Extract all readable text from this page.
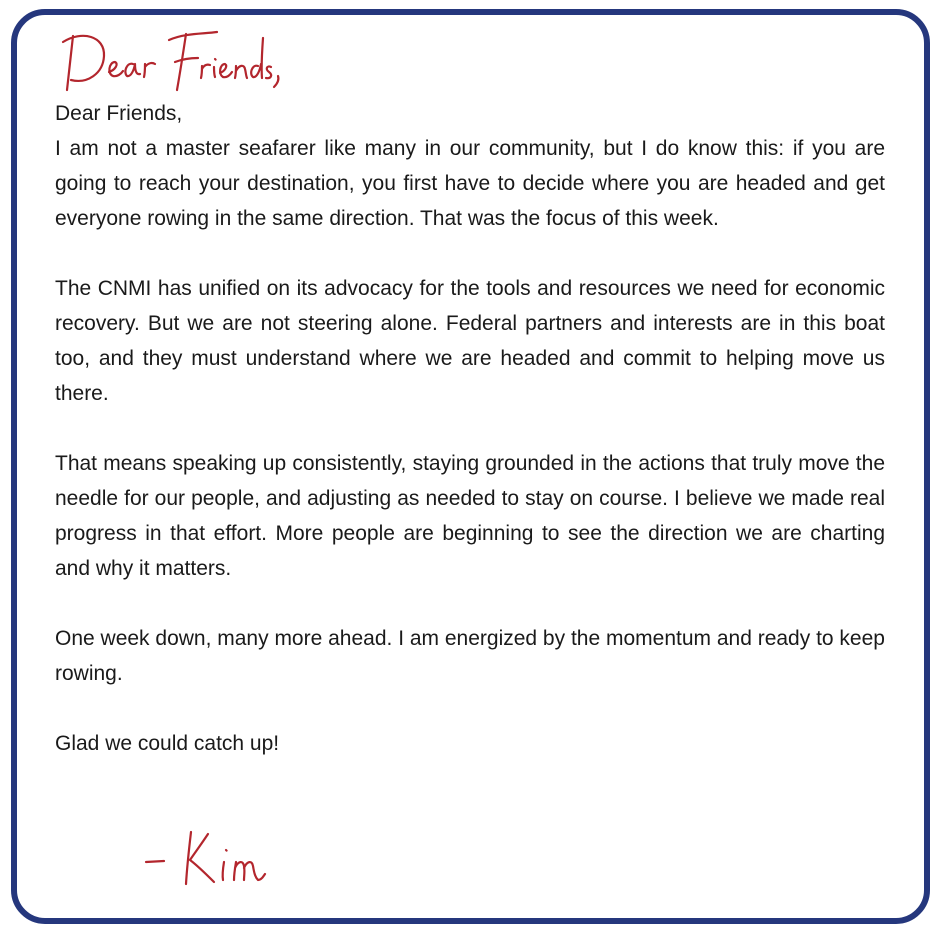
Dear Friends,

I am not a master seafarer like many in our community, but I do know this: if you are going to reach your destination, you first have to decide where you are headed and get everyone rowing in the same direction. That was the focus of this week.

The CNMI has unified on its advocacy for the tools and resources we need for economic recovery. But we are not steering alone. Federal partners and interests are in this boat too, and they must understand where we are headed and commit to helping move us there.

That means speaking up consistently, staying grounded in the actions that truly move the needle for our people, and adjusting as needed to stay on course. I believe we made real progress in that effort. More people are beginning to see the direction we are charting and why it matters.

One week down, many more ahead. I am energized by the momentum and ready to keep rowing.

Glad we could catch up!
